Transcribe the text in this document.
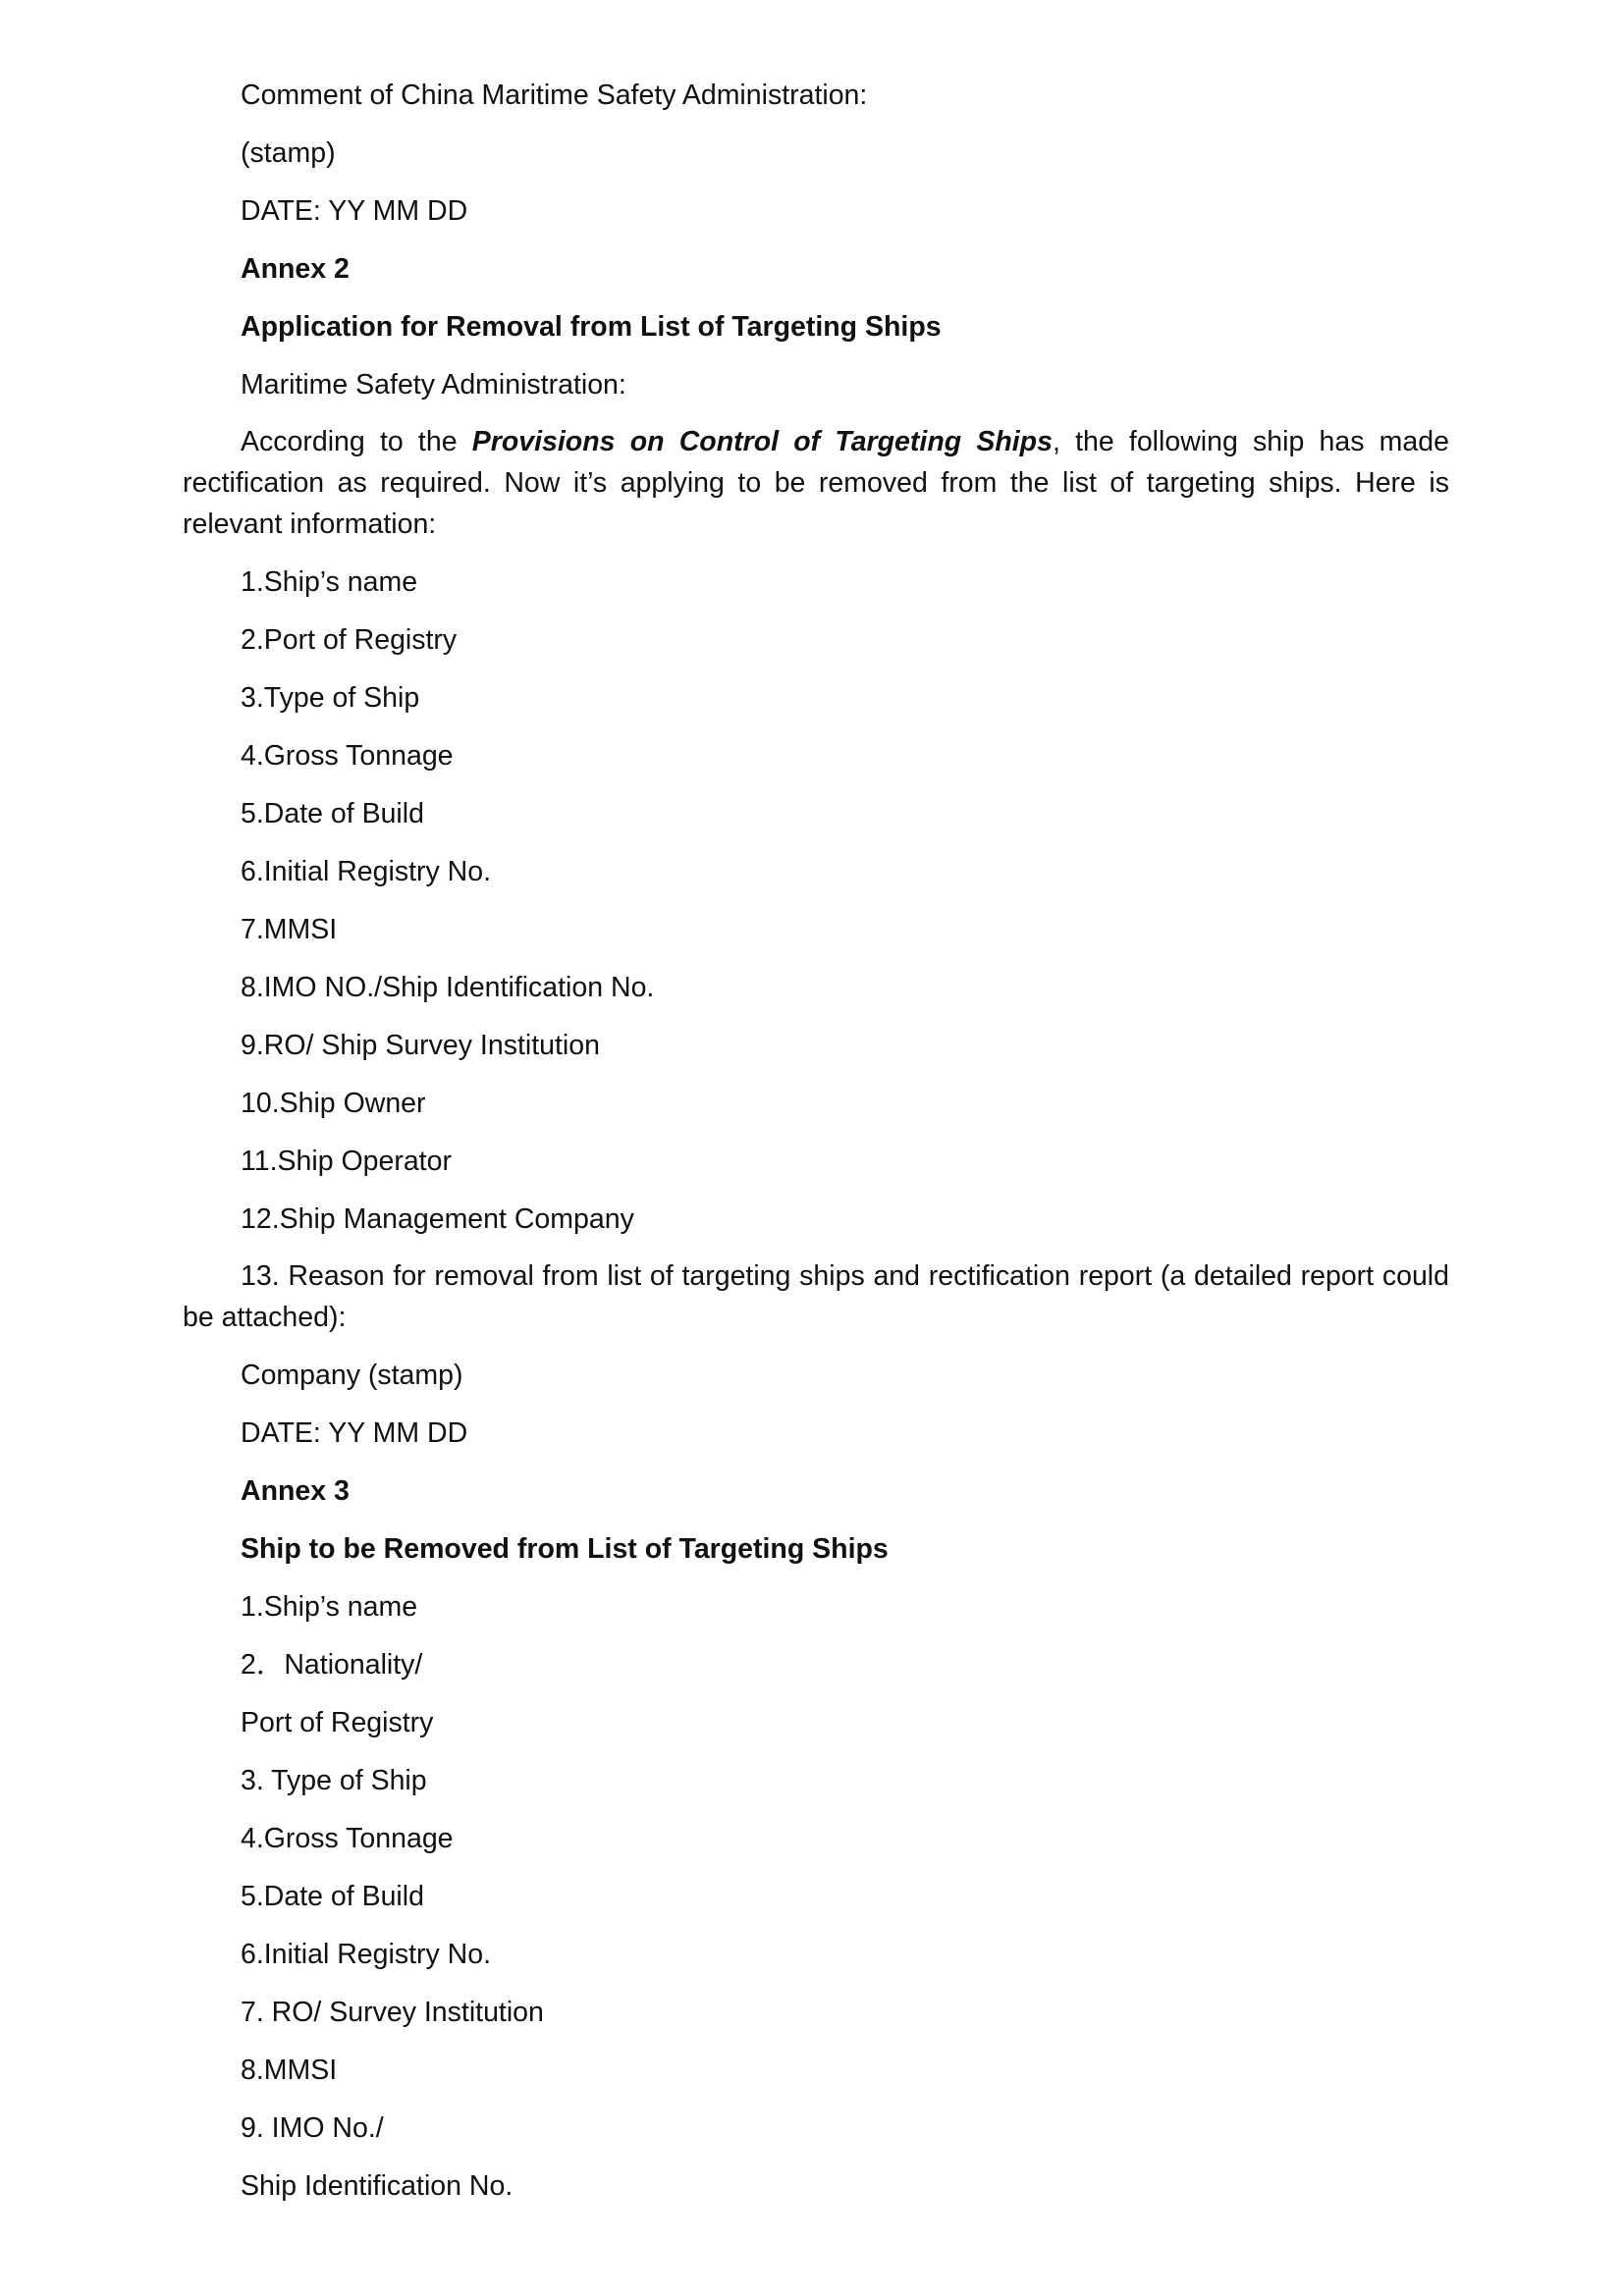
Comment of China Maritime Safety Administration:

(stamp)

DATE: YY MM DD

Annex 2

Application for Removal from List of Targeting Ships

Maritime Safety Administration:

According to the Provisions on Control of Targeting Ships, the following ship has made rectification as required. Now it’s applying to be removed from the list of targeting ships. Here is relevant information:

1.Ship’s name

2.Port of Registry

3.Type of Ship

4.Gross Tonnage

5.Date of Build

6.Initial Registry No.

7.MMSI

8.IMO NO./Ship Identification No.

9.RO/ Ship Survey Institution

10.Ship Owner

11.Ship Operator

12.Ship Management Company

13. Reason for removal from list of targeting ships and rectification report (a detailed report could be attached):

Company (stamp)

DATE: YY MM DD

Annex 3

Ship to be Removed from List of Targeting Ships

1.Ship’s name

2．Nationality/

Port of Registry

3. Type of Ship

4.Gross Tonnage

5.Date of Build

6.Initial Registry No.

7. RO/ Survey Institution

8.MMSI

9. IMO No./

Ship Identification No.
